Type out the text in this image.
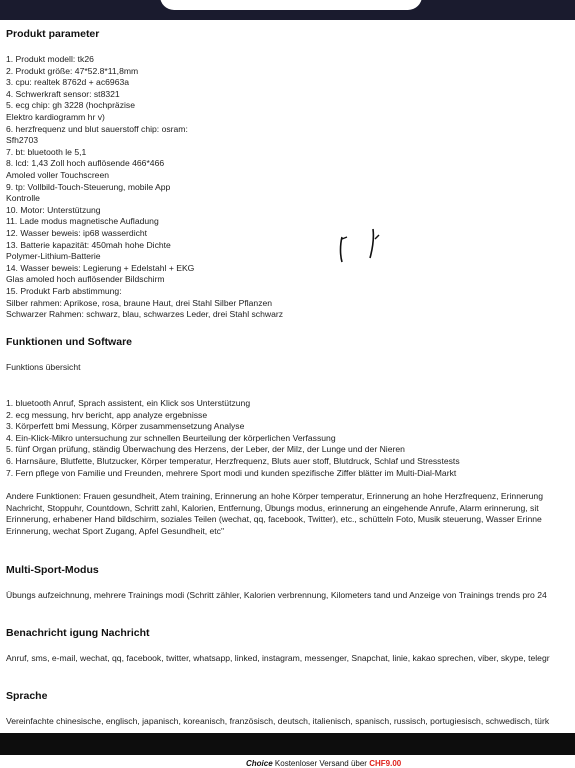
Produkt parameter
1. Produkt modell: tk26
2. Produkt größe: 47*52.8*11,8mm
3. cpu: realtek 8762d + ac6963a
4. Schwerkraft sensor: st8321
5. ecg chip: gh 3228 (hochpräzise
Elektro kardiogramm hr v)
6. herzfrequenz und blut sauerstoff chip: osram:
Sfh2703
7. bt: bluetooth le 5,1
8. lcd: 1,43 Zoll hoch auflösende 466*466
Amoled voller Touchscreen
9. tp: Vollbild-Touch-Steuerung, mobile App
Kontrolle
10. Motor: Unterstützung
11. Lade modus magnetische Aufladung
12. Wasser beweis: ip68 wasserdicht
13. Batterie kapazität: 450mah hohe Dichte
Polymer-Lithium-Batterie
14. Wasser beweis: Legierung + Edelstahl + EKG
Glas amoled hoch auflösender Bildschirm
15. Produkt Farb abstimmung:
Silber rahmen: Aprikose, rosa, braune Haut, drei Stahl Silber Pflanzen
Schwarzer Rahmen: schwarz, blau, schwarzes Leder, drei Stahl schwarz
Funktionen und Software
Funktions übersicht
1. bluetooth Anruf, Sprach assistent, ein Klick sos Unterstützung
2. ecg messung, hrv bericht, app analyze ergebnisse
3. Körperfett bmi Messung, Körper zusammensetzung Analyse
4. Ein-Klick-Mikro untersuchung zur schnellen Beurteilung der körperlichen Verfassung
5. fünf Organ prüfung, ständig Überwachung des Herzens, der Leber, der Milz, der Lunge und der Nieren
6. Harnsäure, Blutfette, Blutzucker, Körper temperatur, Herzfrequenz, Bluts auer stoff, Blutdruck, Schlaf und Stresstests
7. Fern pflege von Familie und Freunden, mehrere Sport modi und kunden spezifische Ziffer blätter im Multi-Dial-Markt
Andere Funktionen: Frauen gesundheit, Atem training, Erinnerung an hohe Körper temperatur, Erinnerung an hohe Herzfrequenz, Erinnerung
Nachricht, Stoppuhr, Countdown, Schritt zahl, Kalorien, Entfernung, Übungs modus, erinnerung an eingehende Anrufe, Alarm erinnerung, sit
Erinnerung, erhabener Hand bildschirm, soziales Teilen (wechat, qq, facebook, Twitter), etc., schütteln Foto, Musik steuerung, Wasser Erinne
Erinnerung, wechat Sport Zugang, Apfel Gesundheit, etc"
Multi-Sport-Modus
Übungs aufzeichnung, mehrere Trainings modi (Schritt zähler, Kalorien verbrennung, Kilometers tand und Anzeige von Trainings trends pro 24
Benachricht igung Nachricht
Anruf, sms, e-mail, wechat, qq, facebook, twitter, whatsapp, linked, instagram, messenger, Snapchat, linie, kakao sprechen, viber, skype, telegr
Sprache
Vereinfachte chinesische, englisch, japanisch, koreanisch, französisch, deutsch, italienisch, spanisch, russisch, portugiesisch, schwedisch, türk
Choice Kostenloser Versand über CHF9.00
